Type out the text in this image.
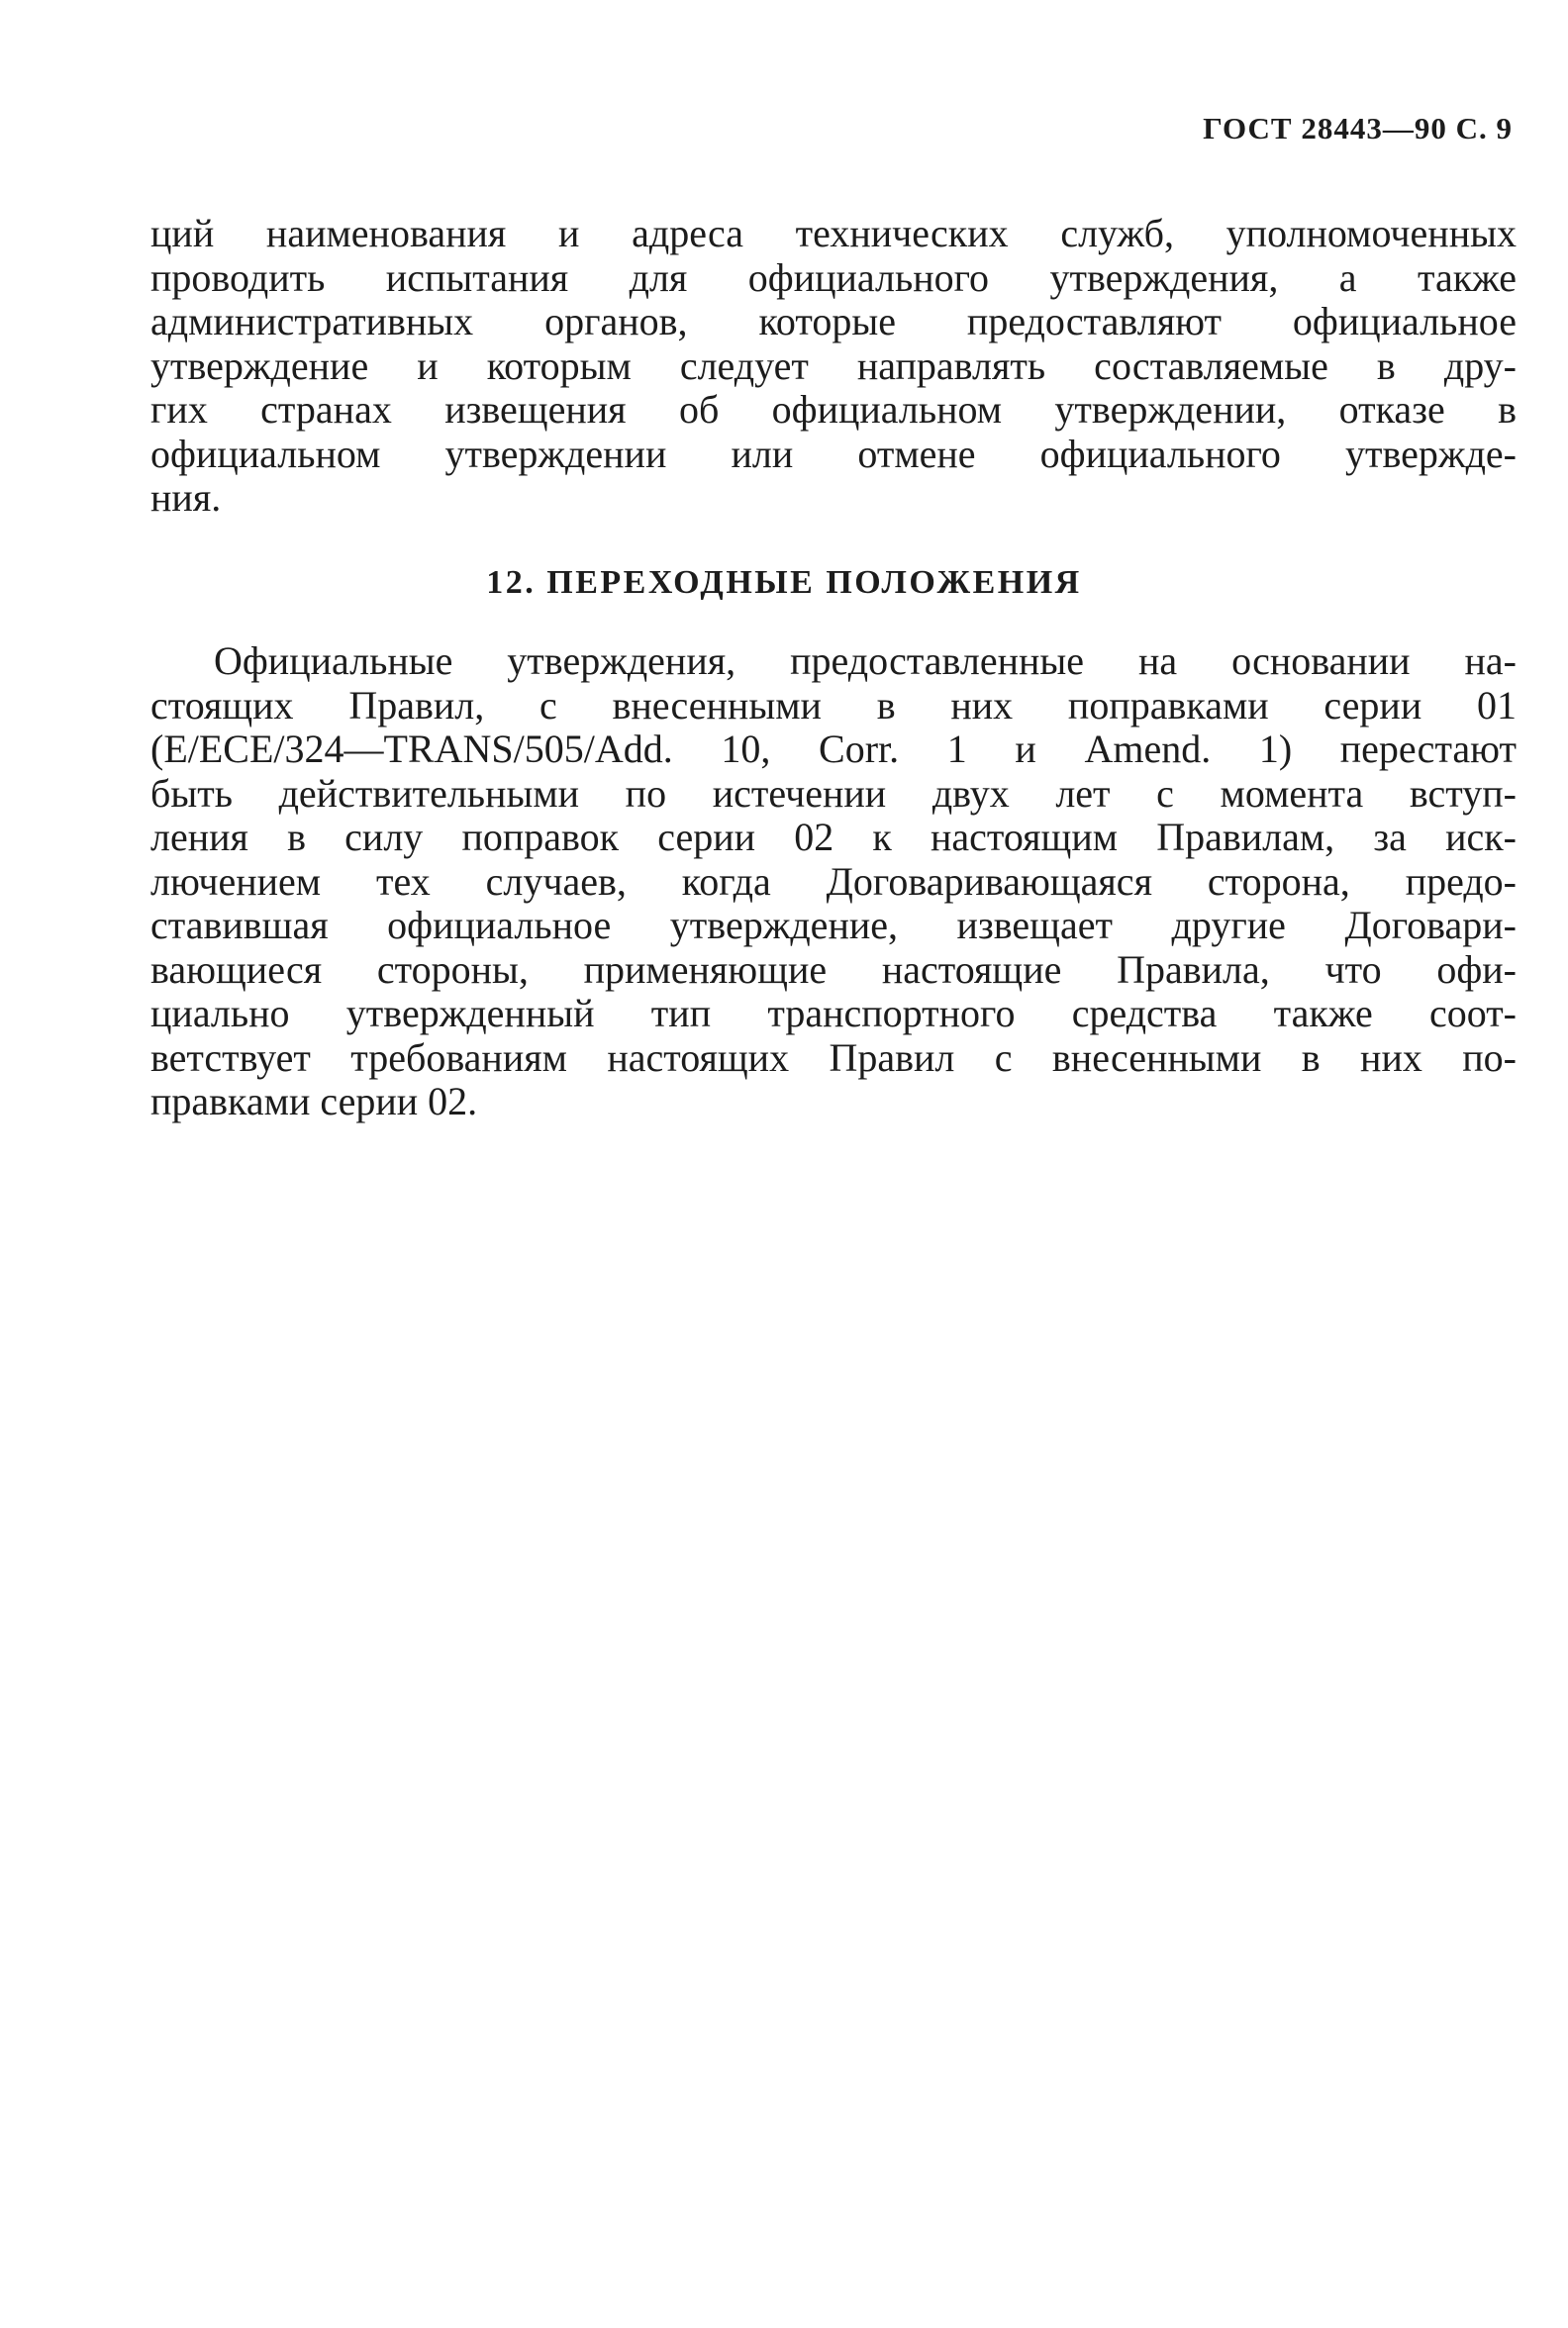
ГОСТ 28443—90 С. 9
ций наименования и адреса технических служб, уполномоченных
проводить испытания для официального утверждения, а также
административных органов, которые предоставляют официальное
утверждение и которым следует направлять составляемые в дру-
гих странах извещения об официальном утверждении, отказе в
официальном утверждении или отмене официального утвержде-
ния.
12. ПЕРЕХОДНЫЕ ПОЛОЖЕНИЯ
Официальные утверждения, предоставленные на основании на-
стоящих Правил, с внесенными в них поправками серии 01
(E/ECE/324—TRANS/505/Add. 10, Corr. 1 и Amend. 1) перестают
быть действительными по истечении двух лет с момента вступ-
ления в силу поправок серии 02 к настоящим Правилам, за иск-
лючением тех случаев, когда Договаривающаяся сторона, предо-
ставившая официальное утверждение, извещает другие Договари-
вающиеся стороны, применяющие настоящие Правила, что офи-
циально утвержденный тип транспортного средства также соот-
ветствует требованиям настоящих Правил с внесенными в них по-
правками серии 02.
